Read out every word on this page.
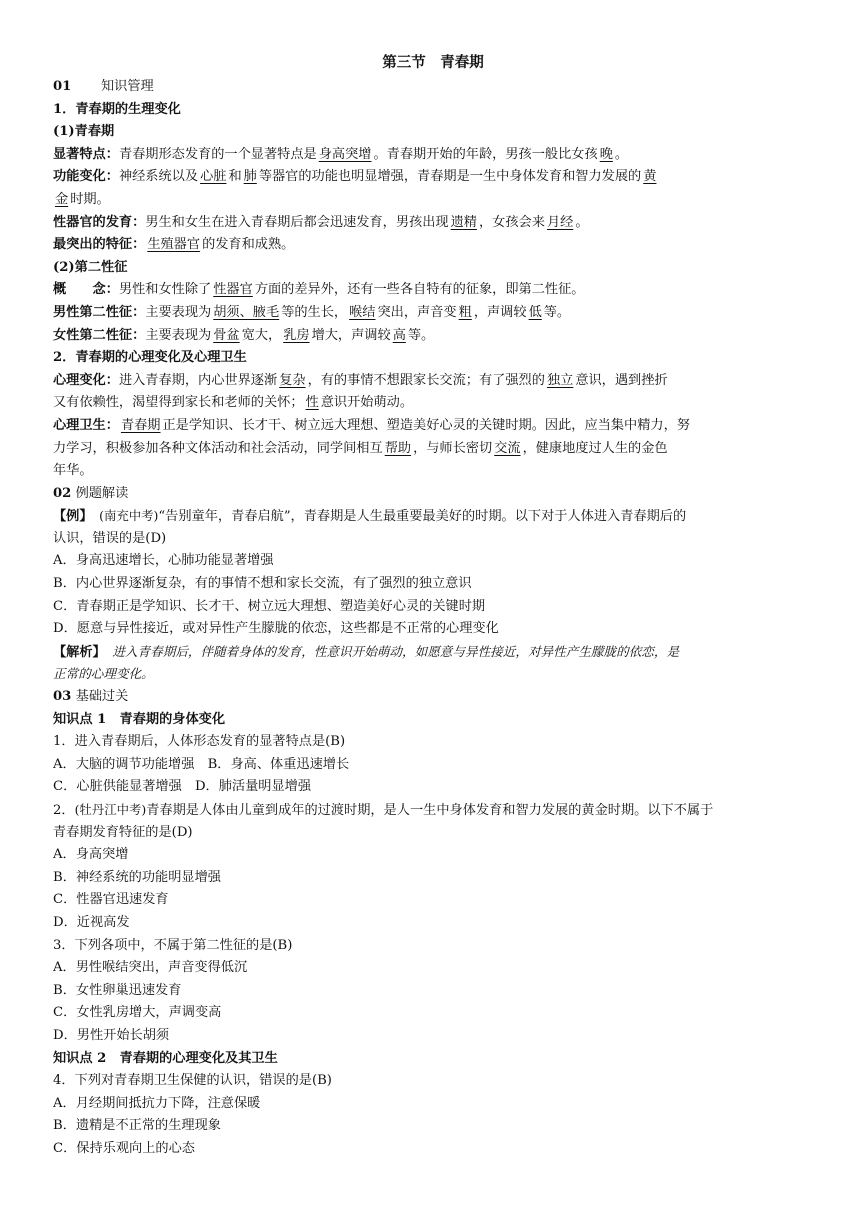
第三节　青春期
01 知识管理
1．青春期的生理变化
(1)青春期
显著特点：青春期形态发育的一个显著特点是 身高突增 。青春期开始的年龄，男孩一般比女孩 晚 。
功能变化：神经系统以及 心脏 和 肺 等器官的功能也明显增强，青春期是一生中身体发育和智力发展的 黄
金 时期。
性器官的发育：男生和女生在进入青春期后都会迅速发育，男孩出现 遗精 ，女孩会来 月经 。
最突出的特征： 生殖器官 的发育和成熟。
(2)第二性征
概　　念：男性和女性除了 性器官 方面的差异外，还有一些各自特有的征象，即第二性征。
男性第二性征：主要表现为 胡须、腋毛 等的生长， 喉结 突出，声音变 粗 ，声调较 低 等。
女性第二性征：主要表现为 骨盆 宽大， 乳房 增大，声调较 高 等。
2．青春期的心理变化及心理卫生
心理变化：进入青春期，内心世界逐渐 复杂 ，有的事情不想跟家长交流；有了强烈的 独立 意识，遇到挫折
又有依赖性，渴望得到家长和老师的关怀； 性 意识开始萌动。
心理卫生： 青春期 正是学知识、长才干、树立远大理想、塑造美好心灵的关键时期。因此，应当集中精力，努
力学习，积极参加各种文体活动和社会活动，同学间相互 帮助 ，与师长密切 交流 ，健康地度过人生的金色
年华。
02 例题解读
【例】　 (南充中考)“告别童年，青春启航”，青春期是人生最重要最美好的时期。以下对于人体进入青春期后的
认识，错误的是(D)
A．身高迅速增长，心肺功能显著增强
B．内心世界逐渐复杂，有的事情不想和家长交流，有了强烈的独立意识
C．青春期正是学知识、长才干、树立远大理想、塑造美好心灵的关键时期
D．愿意与异性接近，或对异性产生朦胧的依恋，这些都是不正常的心理变化
【解析】　 进入青春期后，伴随着身体的发育，性意识开始萌动，如愿意与异性接近，对异性产生朦胧的依恋，是
正常的心理变化。
03 基础过关
知识点 1　青春期的身体变化
1．进入青春期后，人体形态发育的显著特点是(B)
A．大脑的调节功能增强　B．身高、体重迅速增长
C．心脏供能显著增强　D．肺活量明显增强
2．(牡丹江中考)青春期是人体由儿童到成年的过渡时期，是人一生中身体发育和智力发展的黄金时期。以下不属于
青春期发育特征的是(D)
A．身高突增
B．神经系统的功能明显增强
C．性器官迅速发育
D．近视高发
3．下列各项中，不属于第二性征的是(B)
A．男性喉结突出，声音变得低沉
B．女性卵巢迅速发育
C．女性乳房增大，声调变高
D．男性开始长胡须
知识点 2　青春期的心理变化及其卫生
4．下列对青春期卫生保健的认识，错误的是(B)
A．月经期间抵抗力下降，注意保暖
B．遗精是不正常的生理现象
C．保持乐观向上的心态
